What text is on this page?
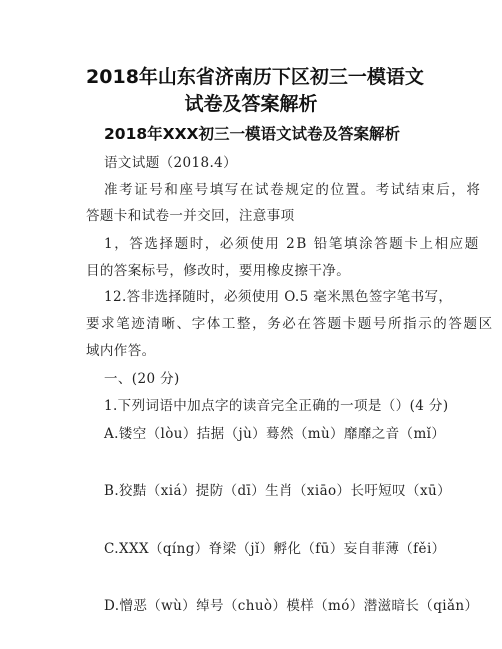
2018年山东省济南历下区初三一模语文
试卷及答案解析
2018年XXX初三一模语文试卷及答案解析
语文试题（2018.4）
准考证号和座号填写在试卷规定的位置。考试结束后，将
答题卡和试卷一并交回，注意事项
1，答选择题时，必须使用 2B 铅笔填涂答题卡上相应题
目的答案标号，修改时，要用橡皮擦干净。
12.答非选择随时，必须使用 O.5 毫米黑色签字笔书写，
要求笔迹清晰、字体工整，务必在答题卡题号所指示的答题区
域内作答。
一、(20 分)
1.下列词语中加点字的读音完全正确的一项是（）(4 分)
A.镂空（lòu）拮据（jù）蓦然（mù）靡靡之音（mǐ）
B.狡黠（xiá）提防（dī）生肖（xiāo）长吁短叹（xū）
C.XXX（qíng）脊梁（jǐ）孵化（fū）妄自菲薄（fěi）
D.憎恶（wù）绰号（chuò）模样（mó）潜滋暗长（qiǎn）
